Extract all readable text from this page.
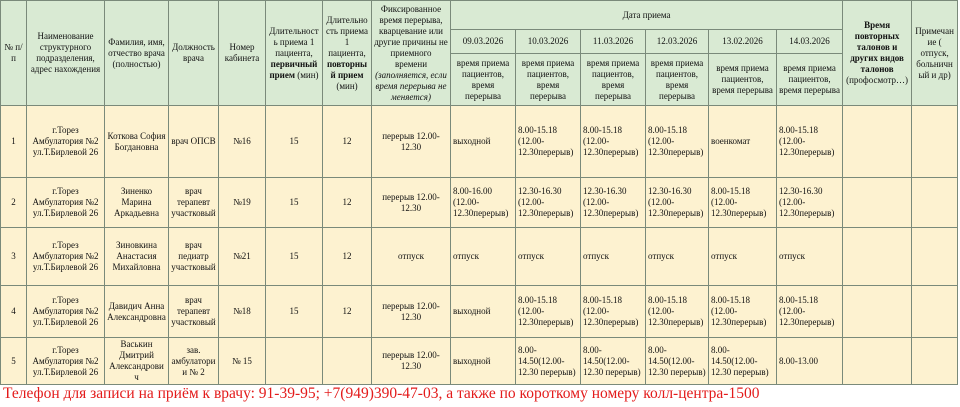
№ п/п	Наименование структурного подразделения, адрес нахождения	Фамилия, имя, отчество врача (полностью)	Должность врача	Номер кабинета	Длительность приема 1 пациента, первичный прием (мин)	Длительность приема 1 пациента, повторный прием (мин)	Фиксированное время перерыва, кварцевание или другие причины не приемного времени (заполняется, если время перерыва не меняется)	Дата приема						Время повторных талонов и других видов талонов (профосмотр…)	Примечание ( отпуск, больничный и др)
								09.03.2026	10.03.2026	11.03.2026	12.03.2026	13.02.2026	14.03.2026		
								время приема пациентов, время перерыва	время приема пациентов, время перерыва	время приема пациентов, время перерыва	время приема пациентов, время перерыва	время приема пациентов, время перерыва	время приема пациентов, время перерыва		
1	г.Торез Амбулатория №2 ул.Т.Бирлевой 26	Коткова София Богдановна	врач ОПСВ	№16	15	12	перерыв 12.00-12.30	выходной	8.00-15.18 (12.00-12.30перерыв)	8.00-15.18 (12.00-12.30перерыв)	8.00-15.18 (12.00-12.30перерыв)	военкомат	8.00-15.18 (12.00-12.30перерыв)		
2	г.Торез Амбулатория №2 ул.Т.Бирлевой 26	Зиненко Марина Аркадьевна	врач терапевт участковый	№19	15	12	перерыв 12.00-12.30	8.00-16.00 (12.00-12.30перерыв)	12.30-16.30 (12.00-12.30перерыв)	12.30-16.30 (12.00-12.30перерыв)	12.30-16.30 (12.00-12.30перерыв)	8.00-15.18 (12.00-12.30перерыв)	12.30-16.30 (12.00-12.30перерыв)		
3	г.Торез Амбулатория №2 ул.Т.Бирлевой 26	Зиновкина Анастасия Михайловна	врач педиатр участковый	№21	15	12	отпуск	отпуск	отпуск	отпуск	отпуск	отпуск	отпуск		
4	г.Торез Амбулатория №2 ул.Т.Бирлевой 26	Давидич Анна Александровна	врач терапевт участковый	№18	15	12	перерыв 12.00-12.30	выходной	8.00-15.18 (12.00-12.30перерыв)	8.00-15.18 (12.00-12.30перерыв)	8.00-15.18 (12.00-12.30перерыв)	8.00-15.18 (12.00-12.30перерыв)	8.00-15.18 (12.00-12.30перерыв)		
5	г.Торез Амбулатория №2 ул.Т.Бирлевой 26	Васькин Дмитрий Александрович	зав. амбулатории № 2	№ 15			перерыв 12.00-12.30	выходной	8.00-14.50(12.00-12.30 перерыв)	8.00-14.50(12.00-12.30 перерыв)	8.00-14.50(12.00-12.30 перерыв)	8.00-14.50(12.00-12.30 перерыв)	8.00-13.00		
Телефон для записи на приём к врачу: 91-39-95; +7(949)390-47-03, а также по короткому номеру колл-центра-1500
